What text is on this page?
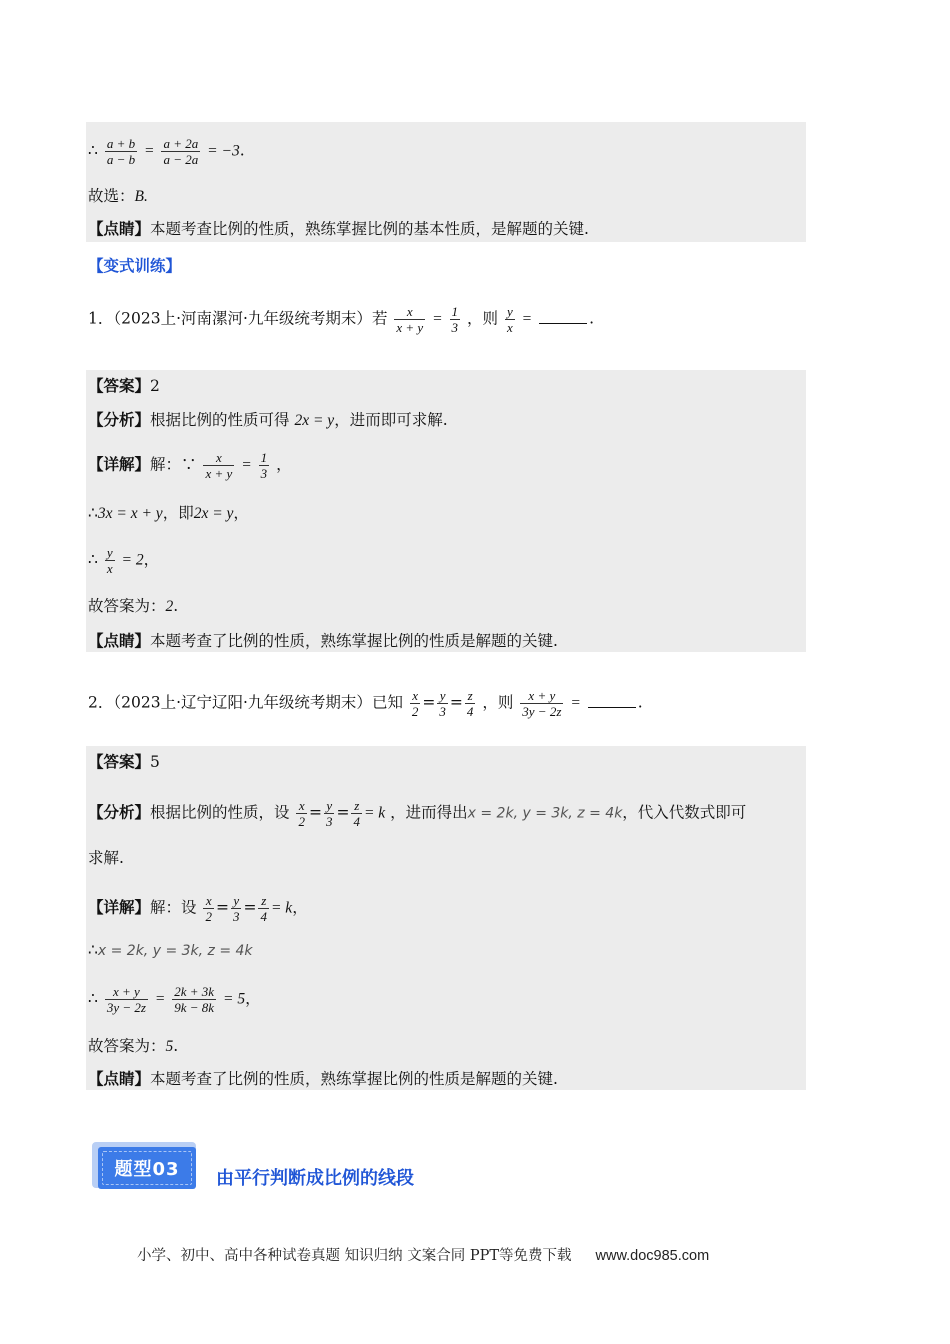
∴ $\frac{a + b}{a - b} = \frac{a + 2a}{a - 2a} = -3$.
故选：B.
【点睛】本题考查比例的性质，熟练掌握比例的基本性质，是解题的关键.
【变式训练】
1．（2023上·河南漯河·九年级统考期末）若 $\frac{x}{x + y} = \frac{1}{3}$ ，则 $\frac{y}{x}$ =	.
【答案】2
【分析】根据比例的性质可得 2x = y，进而即可求解.
【详解】解：∵ $\frac{x}{x + y} = \frac{1}{3}$ ，
∴3x = x + y，即2x = y，
∴ $\frac{y}{x} = 2$，
故答案为：2.
【点睛】本题考查了比例的性质，熟练掌握比例的性质是解题的关键.
2．（2023上·辽宁辽阳·九年级统考期末）已知 $\frac{x}{2} = \frac{y}{3} = \frac{z}{4}$ ，则 $\frac{x + y}{3y - 2z}$ =	.
【答案】5
【分析】根据比例的性质，设 $\frac{x}{2} = \frac{y}{3} = \frac{z}{4} = k$ ，进而得出x = 2k, y = 3k, z = 4k，代入代数式即可
求解.
【详解】解：设 $\frac{x}{2} = \frac{y}{3} = \frac{z}{4} = k$，
∴x = 2k, y = 3k, z = 4k
∴ $\frac{x + y}{3y - 2z} = \frac{2k + 3k}{9k - 8k} = 5$，
故答案为：5.
【点睛】本题考查了比例的性质，熟练掌握比例的性质是解题的关键.
题型03 由平行判断成比例的线段
小学、初中、高中各种试卷真题 知识归纳 文案合同 PPT等免费下载 www.doc985.com
